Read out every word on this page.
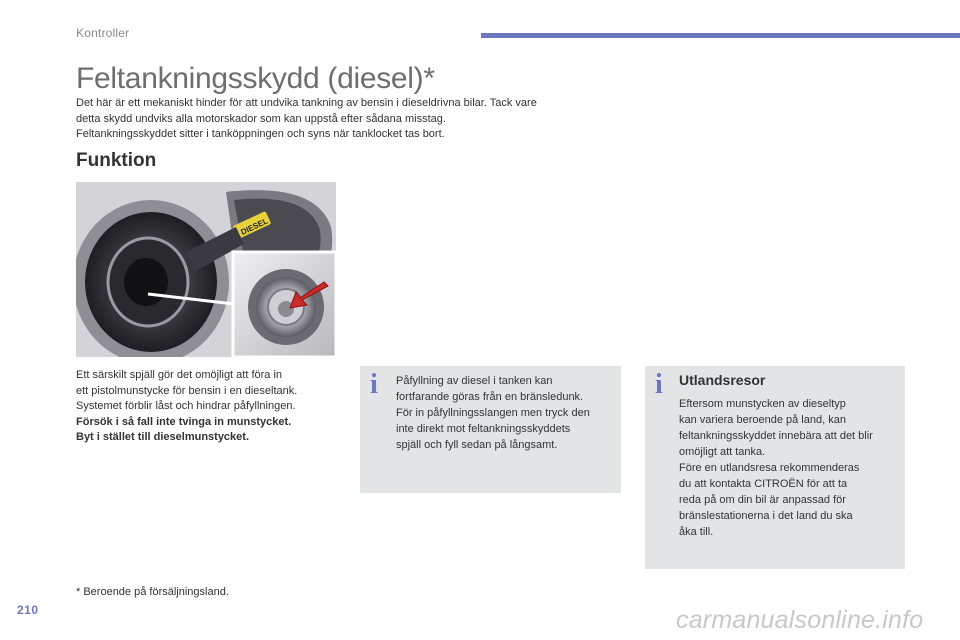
Kontroller
Feltankningsskydd (diesel)*

Det här är ett mekaniskt hinder för att undvika tankning av bensin i dieseldrivna bilar. Tack vare

detta skydd undviks alla motorskador som kan uppstå efter sådana misstag.

Feltankningsskyddet sitter i tanköppningen och syns när tanklocket tas bort.

Funktion
DIESEL

Ett särskilt spjäll gör det omöjligt att föra in

ett pistolmunstycke för bensin i en dieseltank.

Systemet förblir låst och hindrar påfyllningen.

Försök i så fall inte tvinga in munstycket.

Byt i stället till dieselmunstycket.

i Påfyllning av diesel i tanken kan

fortfarande göras från en bränsledunk.

För in påfyllningsslangen men tryck den

inte direkt mot feltankningsskyddets

spjäll och fyll sedan på långsamt.

i Utlandsresor

Eftersom munstycken av dieseltyp

kan variera beroende på land, kan

feltankningsskyddet innebära att det blir

omöjligt att tanka.

Före en utlandsresa rekommenderas

du att kontakta CITROËN för att ta

reda på om din bil är anpassad för

bränslestationerna i det land du ska

åka till.

* Beroende på försäljningsland.
210	carmanualsonline.info
